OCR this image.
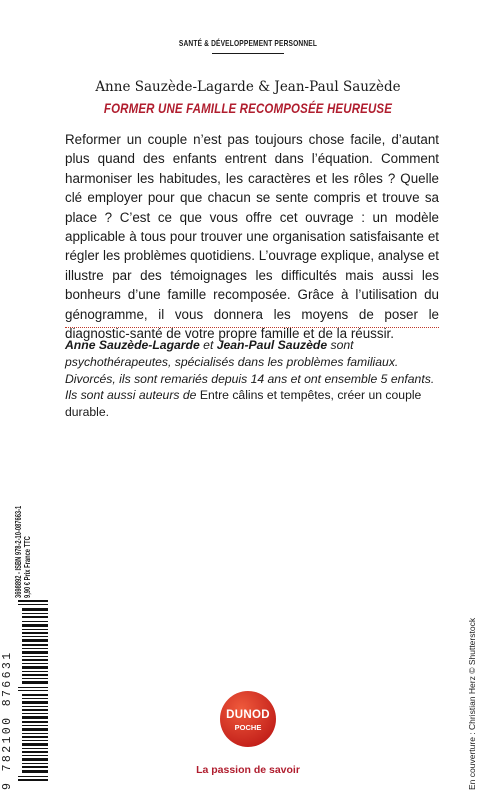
SANTÉ & DÉVELOPPEMENT PERSONNEL
Anne Sauzède-Lagarde & Jean-Paul Sauzède
FORMER UNE FAMILLE RECOMPOSÉE HEUREUSE

Reformer un couple n’est pas toujours chose facile, d’autant plus quand des enfants entrent dans l’équation. Comment harmoniser les habitudes, les caractères et les rôles ? Quelle clé employer pour que chacun se sente compris et trouve sa place ? C’est ce que vous offre cet ouvrage : un modèle applicable à tous pour trouver une organisation satisfaisante et régler les problèmes quotidiens. L’ouvrage explique, analyse et illustre par des témoignages les difficultés mais aussi les bonheurs d’une famille recomposée. Grâce à l’utilisation du génogramme, il vous donnera les moyens de poser le diagnostic-santé de votre propre famille et de la réussir.

Anne Sauzède-Lagarde et Jean-Paul Sauzède sont psychothérapeutes, spécialisés dans les problèmes familiaux. Divorcés, ils sont remariés depuis 14 ans et ont ensemble 5 enfants. Ils sont aussi auteurs de Entre câlins et tempêtes, créer un couple durable.

3698892 - ISBN 978-2-10-087663-1 9,90 € Prix France TTC
9 782100 876631	En couverture : Christian Herz © Shutterstock
DUNOD
POCHE
La passion de savoir
